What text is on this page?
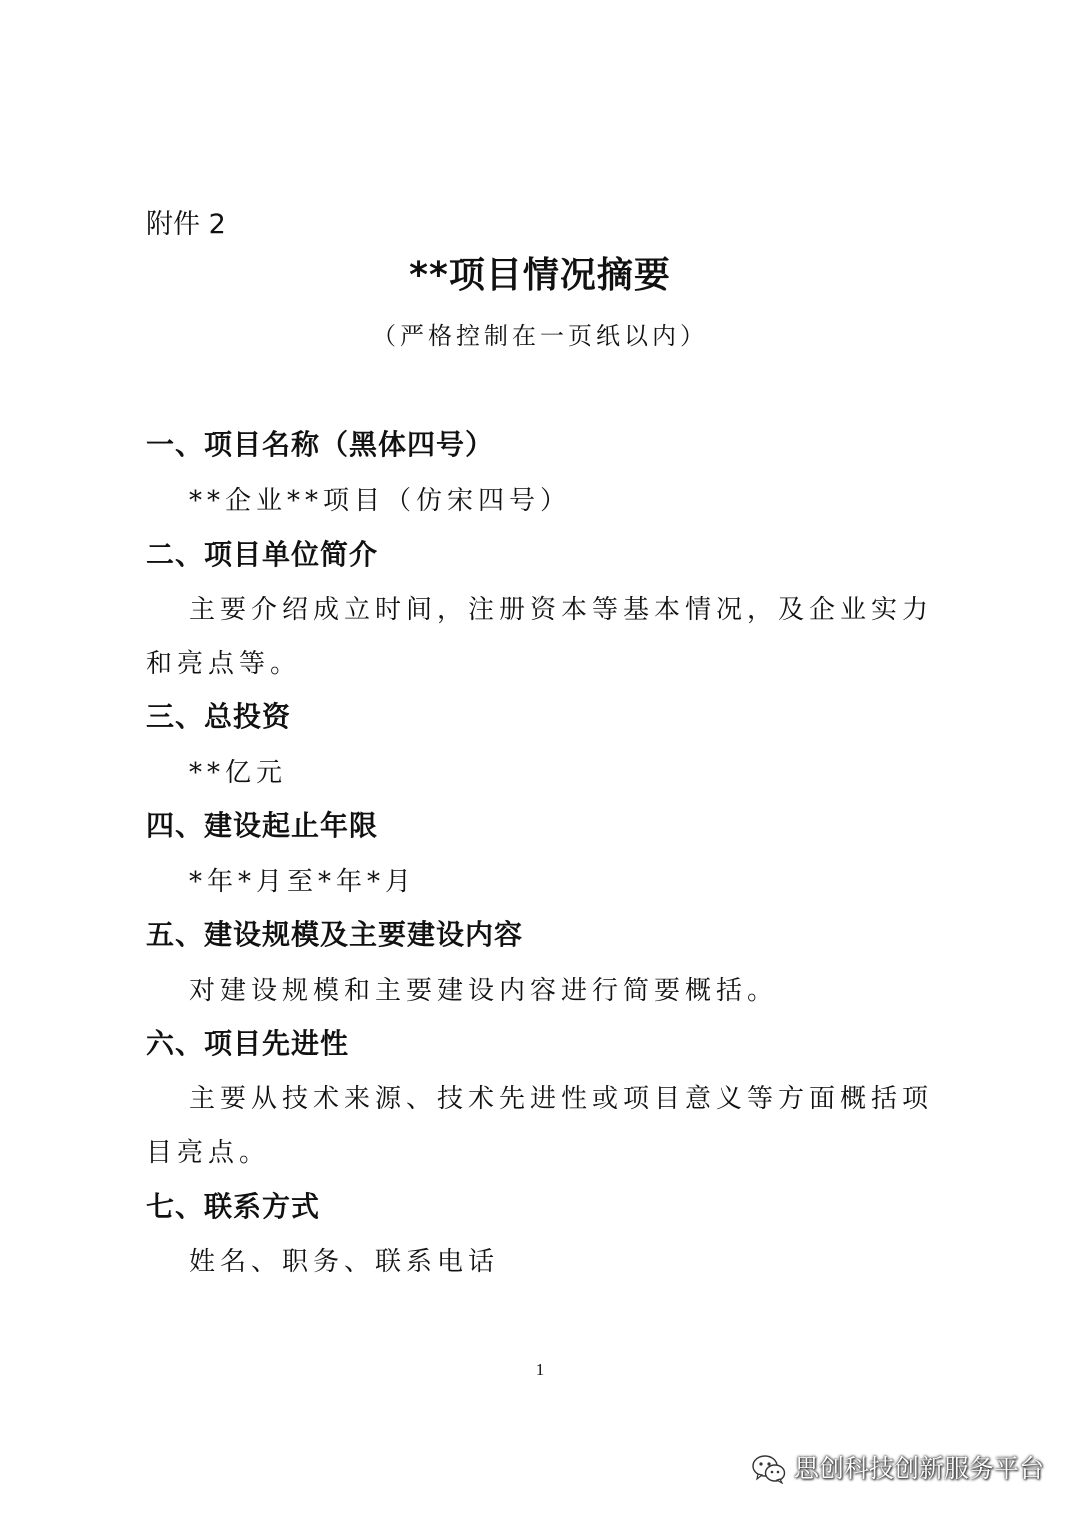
附件 2
**项目情况摘要
（严格控制在一页纸以内）
一、项目名称（黑体四号）
**企业**项目（仿宋四号）
二、项目单位简介
主要介绍成立时间，注册资本等基本情况，及企业实力和亮点等。
三、总投资
**亿元
四、建设起止年限
*年*月至*年*月
五、建设规模及主要建设内容
对建设规模和主要建设内容进行简要概括。
六、项目先进性
主要从技术来源、技术先进性或项目意义等方面概括项目亮点。
七、联系方式
姓名、职务、联系电话
1
思创科技创新服务平台
